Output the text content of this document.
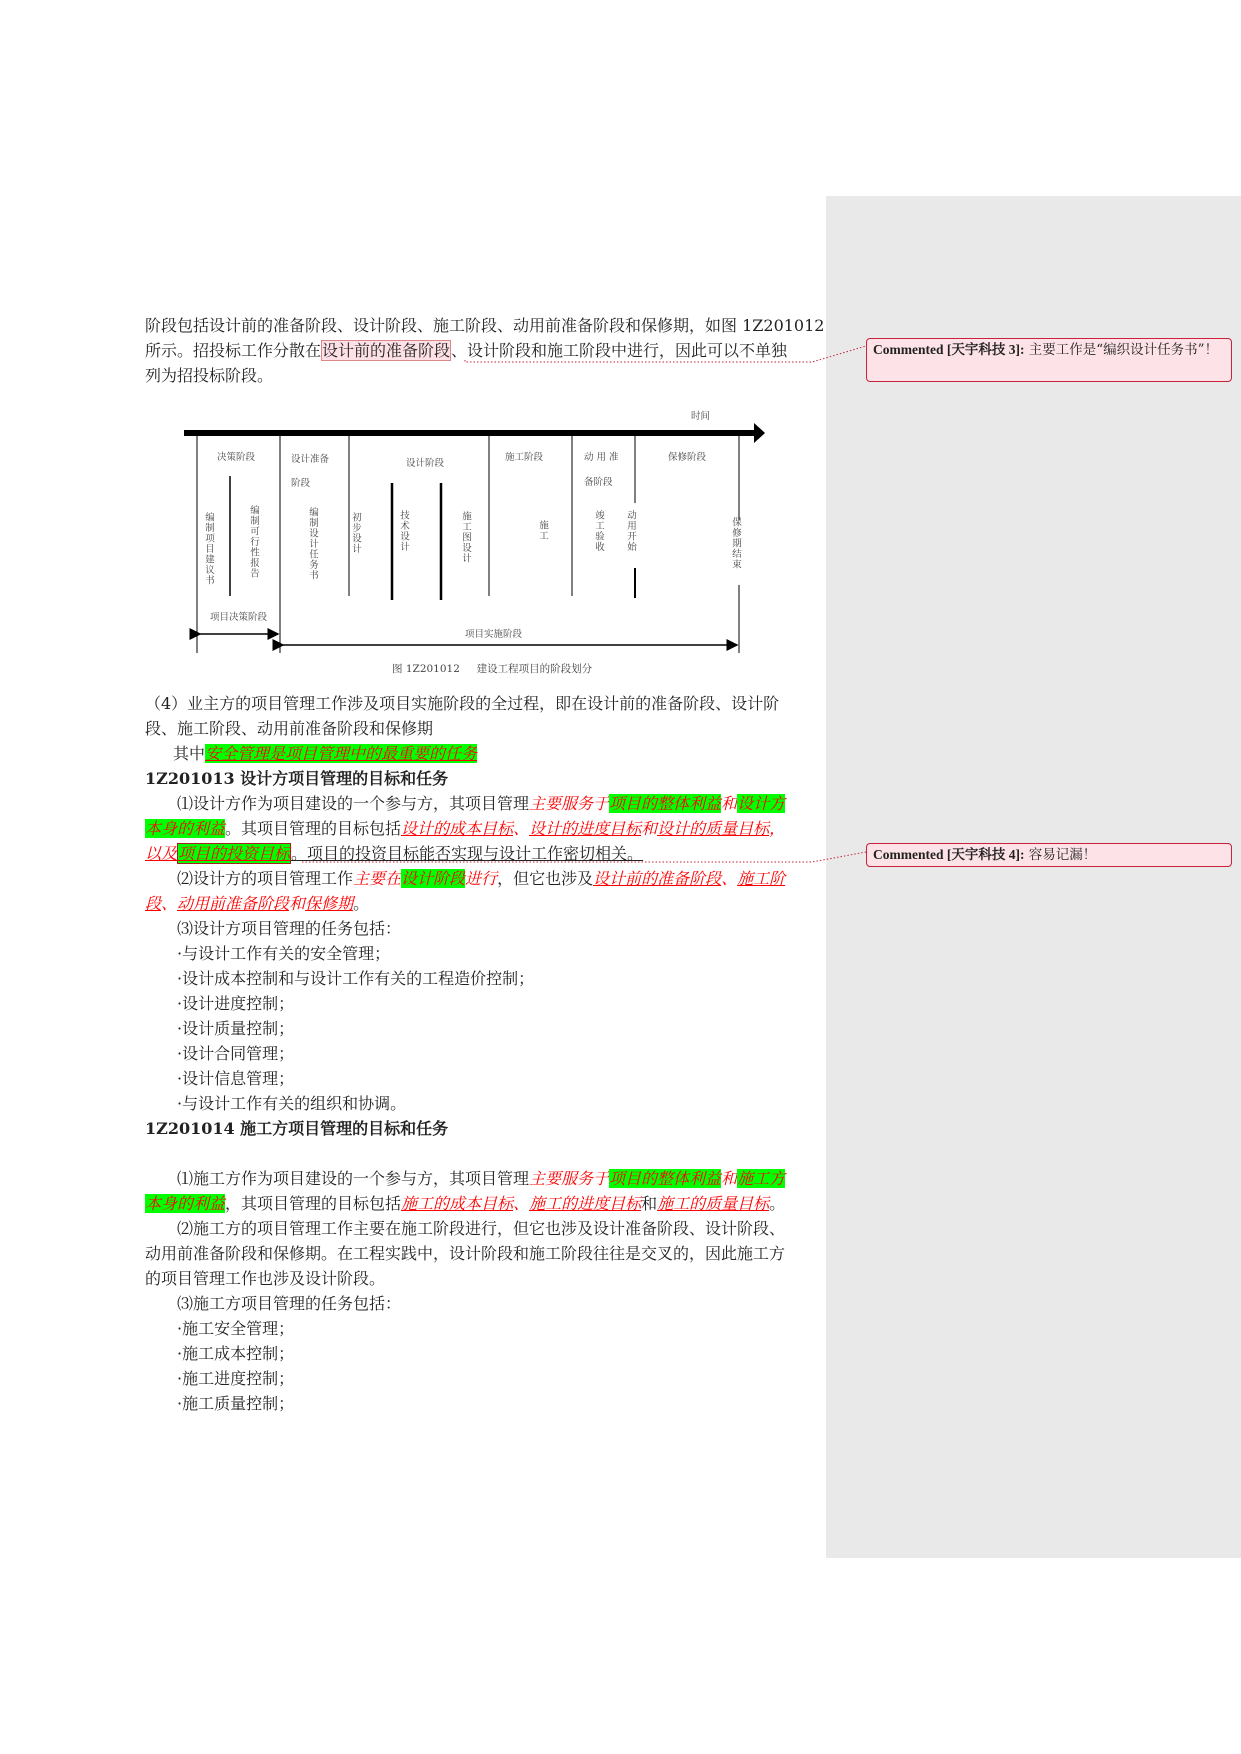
阶段包括设计前的准备阶段、设计阶段、施工阶段、动用前准备阶段和保修期，如图 1Z201012

所示。招投标工作分散在设计前的准备阶段、设计阶段和施工阶段中进行，因此可以不单独

列为招投标阶段。

时间
决策阶段	设计准备
阶段
设计阶段
施工阶段	动 用 准
备阶段
保修阶段
编制项目建议书	编制可行性报告	编制设计任务书	初步设计	技术设计	施工图设计	施工	竣工验收 动用开始	保修期结束
项目决策阶段
项目实施阶段
图 1Z201012 建设工程项目的阶段划分

（4）业主方的项目管理工作涉及项目实施阶段的全过程，即在设计前的准备阶段、设计阶

段、施工阶段、动用前准备阶段和保修期

其中安全管理是项目管理中的最重要的任务

1Z201013 设计方项目管理的目标和任务

⑴设计方作为项目建设的一个参与方，其项目管理主要服务于项目的整体利益和设计方

本身的利益。其项目管理的目标包括设计的成本目标、设计的进度目标和设计的质量目标，

以及项目的投资目标。项目的投资目标能否实现与设计工作密切相关。

⑵设计方的项目管理工作主要在设计阶段进行，但它也涉及设计前的准备阶段、施工阶

段、动用前准备阶段和保修期。

⑶设计方项目管理的任务包括：

·与设计工作有关的安全管理；

·设计成本控制和与设计工作有关的工程造价控制；

·设计进度控制；

·设计质量控制；

·设计合同管理；

·设计信息管理；

·与设计工作有关的组织和协调。

1Z201014 施工方项目管理的目标和任务

⑴施工方作为项目建设的一个参与方，其项目管理主要服务于项目的整体利益和施工方

本身的利益，其项目管理的目标包括施工的成本目标、施工的进度目标和施工的质量目标。

⑵施工方的项目管理工作主要在施工阶段进行，但它也涉及设计准备阶段、设计阶段、

动用前准备阶段和保修期。在工程实践中，设计阶段和施工阶段往往是交叉的，因此施工方

的项目管理工作也涉及设计阶段。

⑶施工方项目管理的任务包括：

·施工安全管理；

·施工成本控制；

·施工进度控制；

·施工质量控制；

Commented [天宇科技 3]: 主要工作是“编织设计任务书”！
Commented [天宇科技 4]: 容易记漏！
